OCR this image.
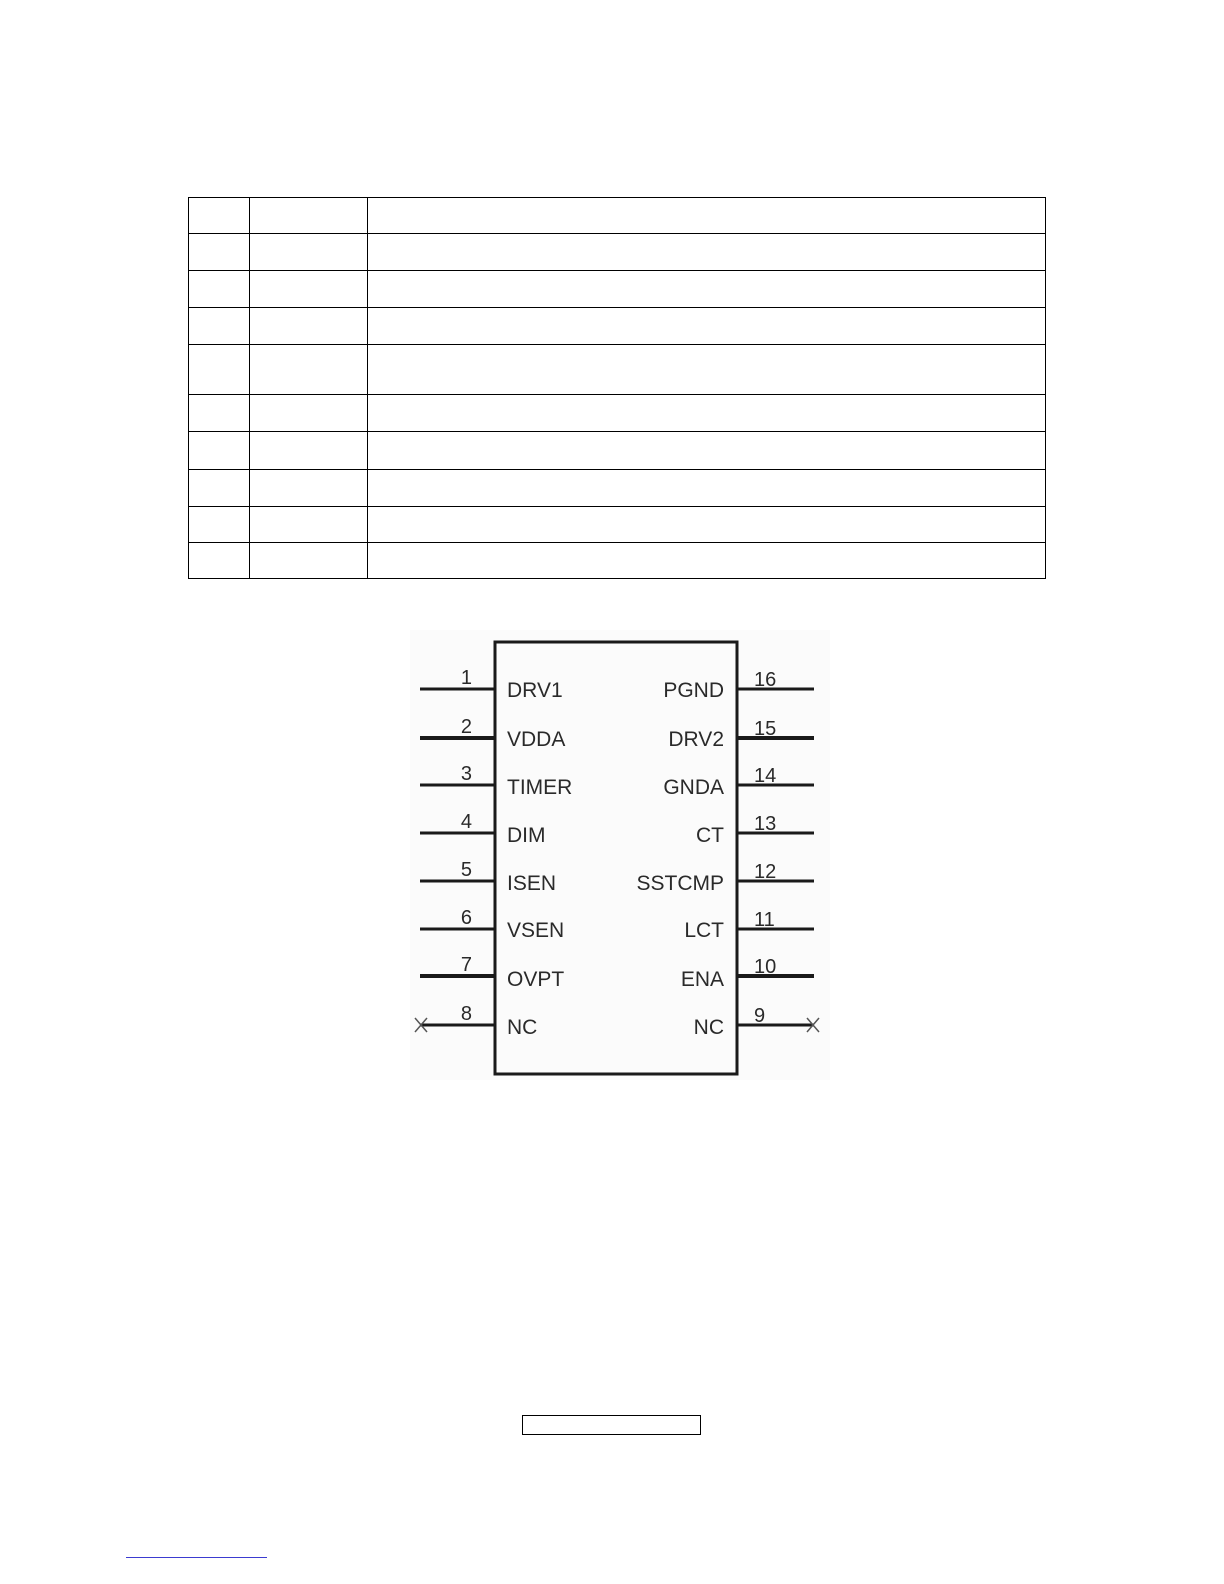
1
DRV1
2
VDDA
3
TIMER
4
DIM
5
ISEN
6
VSEN
7
OVPT
8
NC
16
PGND
15
DRV2
14
GNDA
13
CT
12
SSTCMP
11
LCT
10
ENA
9
NC
